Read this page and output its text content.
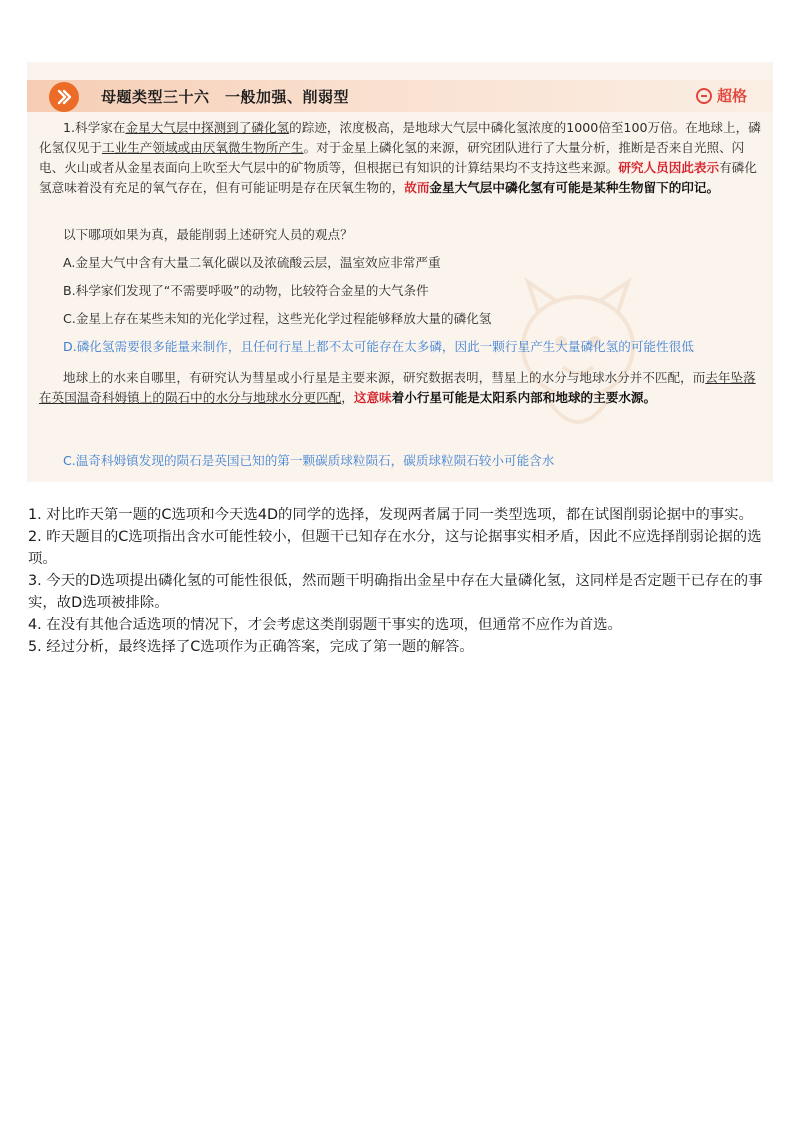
母题类型三十六　一般加强、削弱型	超格
1.科学家在金星大气层中探测到了磷化氢的踪迹，浓度极高，是地球大气层中磷化氢浓度的1000倍至100万倍。在地球上，磷化氢仅见于工业生产领域或由厌氧微生物所产生。对于金星上磷化氢的来源，研究团队进行了大量分析，推断是否来自光照、闪电、火山或者从金星表面向上吹至大气层中的矿物质等，但根据已有知识的计算结果均不支持这些来源。研究人员因此表示有磷化氢意味着没有充足的氧气存在，但有可能证明是存在厌氧生物的，故而金星大气层中磷化氢有可能是某种生物留下的印记。
以下哪项如果为真，最能削弱上述研究人员的观点？
A.金星大气中含有大量二氧化碳以及浓硫酸云层，温室效应非常严重
B.科学家们发现了“不需要呼吸”的动物，比较符合金星的大气条件
C.金星上存在某些未知的光化学过程，这些光化学过程能够释放大量的磷化氢
D.磷化氢需要很多能量来制作，且任何行星上都不太可能存在太多磷，因此一颗行星产生大量磷化氢的可能性很低
地球上的水来自哪里，有研究认为彗星或小行星是主要来源，研究数据表明，彗星上的水分与地球水分并不匹配，而去年坠落在英国温奇科姆镇上的陨石中的水分与地球水分更匹配，这意味着小行星可能是太阳系内部和地球的主要水源。
C.温奇科姆镇发现的陨石是英国已知的第一颗碳质球粒陨石，碳质球粒陨石较小可能含水

1. 对比昨天第一题的C选项和今天选4D的同学的选择，发现两者属于同一类型选项，都在试图削弱论据中的事实。

2. 昨天题目的C选项指出含水可能性较小，但题干已知存在水分，这与论据事实相矛盾，因此不应选择削弱论据的选项。

3. 今天的D选项提出磷化氢的可能性很低，然而题干明确指出金星中存在大量磷化氢，这同样是否定题干已存在的事实，故D选项被排除。

4. 在没有其他合适选项的情况下，才会考虑这类削弱题干事实的选项，但通常不应作为首选。

5. 经过分析，最终选择了C选项作为正确答案，完成了第一题的解答。
